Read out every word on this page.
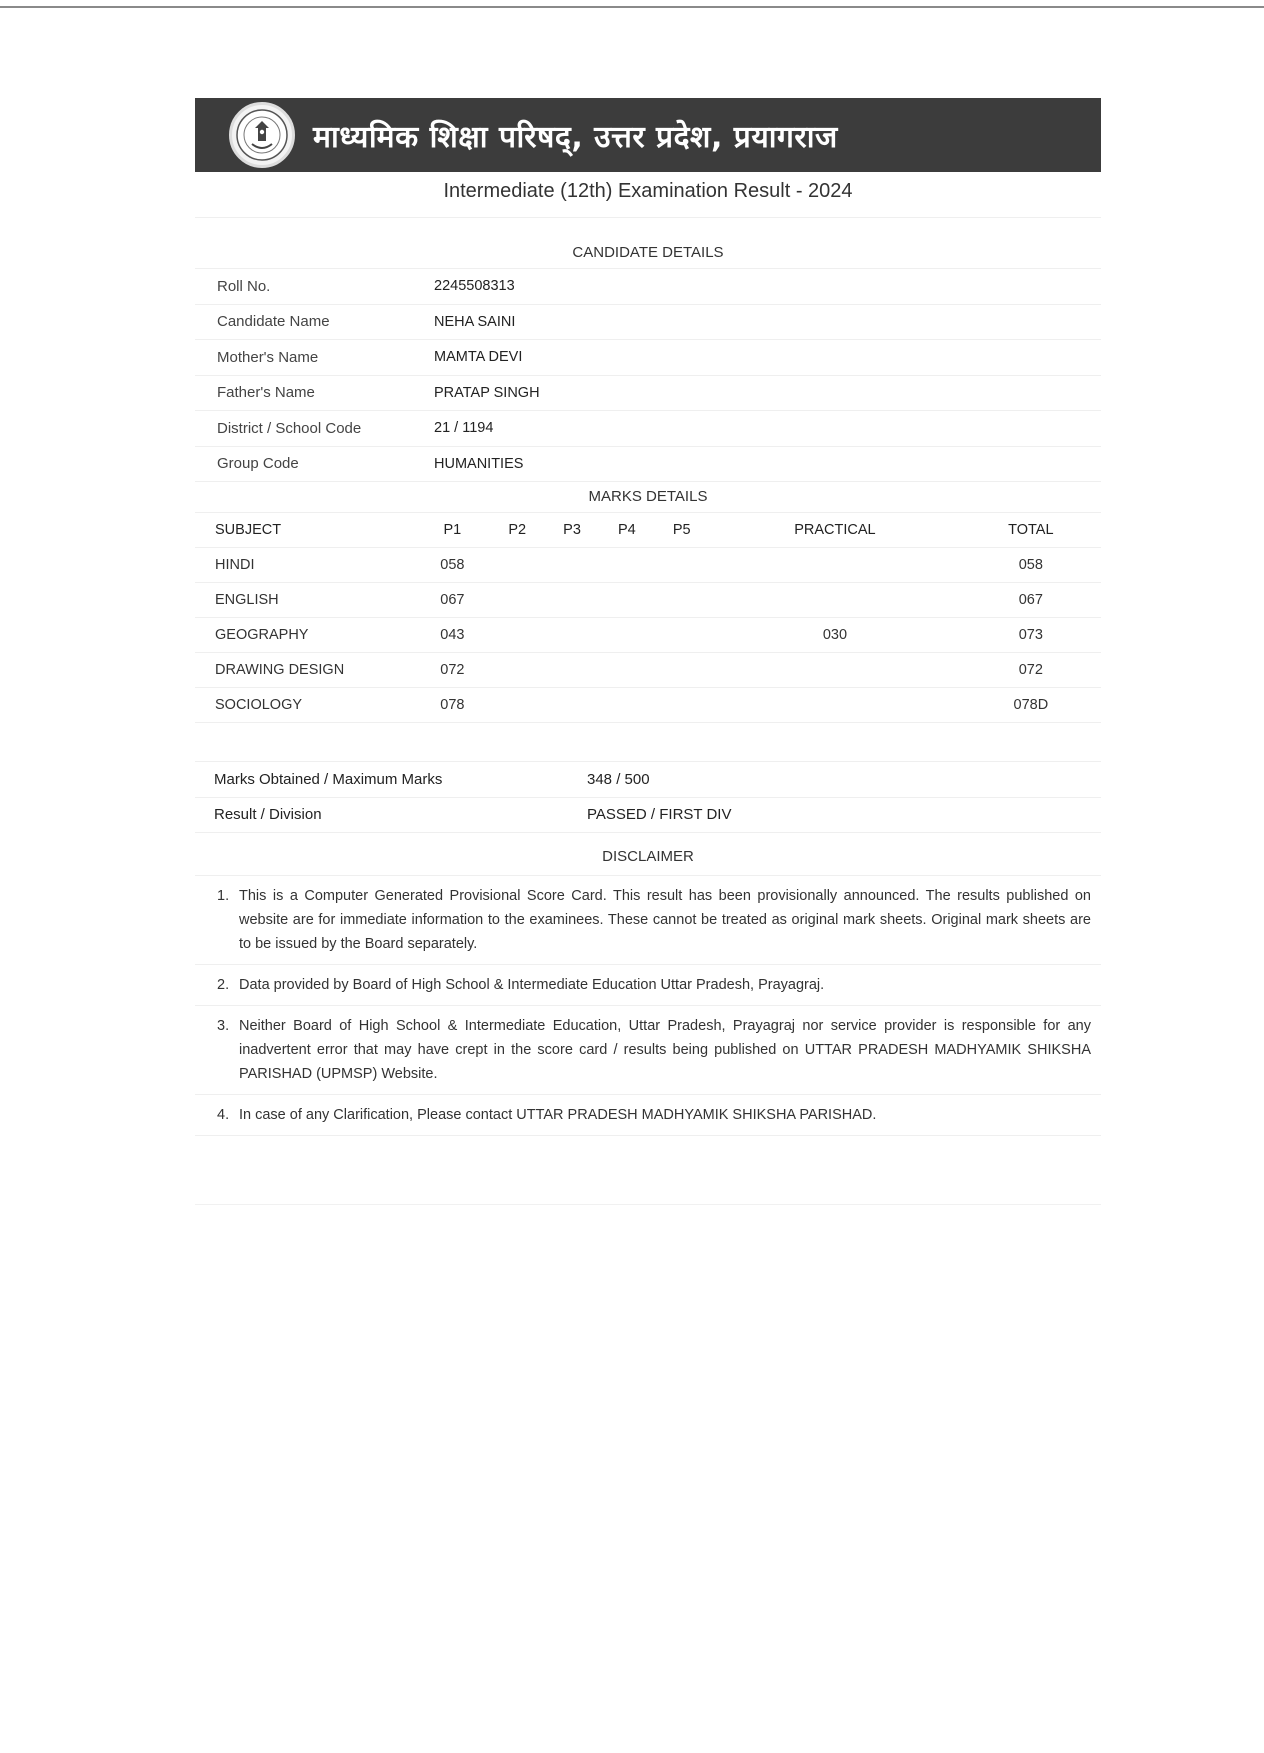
माध्यमिक शिक्षा परिषद्, उत्तर प्रदेश, प्रयागराज
Intermediate (12th) Examination Result - 2024
CANDIDATE DETAILS
Roll No.	2245508313
Candidate Name	NEHA SAINI
Mother's Name	MAMTA DEVI
Father's Name	PRATAP SINGH
District / School Code	21 / 1194
Group Code	HUMANITIES
MARKS DETAILS
SUBJECT	P1	P2	P3	P4	P5	PRACTICAL	TOTAL
HINDI	058						058
ENGLISH	067						067
GEOGRAPHY	043					030	073
DRAWING DESIGN	072						072
SOCIOLOGY	078						078D
Marks Obtained / Maximum Marks	348 / 500
Result / Division	PASSED / FIRST DIV
DISCLAIMER
1. This is a Computer Generated Provisional Score Card. This result has been provisionally announced. The results published on website are for immediate information to the examinees. These cannot be treated as original mark sheets. Original mark sheets are to be issued by the Board separately.
2. Data provided by Board of High School & Intermediate Education Uttar Pradesh, Prayagraj.
3. Neither Board of High School & Intermediate Education, Uttar Pradesh, Prayagraj nor service provider is responsible for any inadvertent error that may have crept in the score card / results being published on UTTAR PRADESH MADHYAMIK SHIKSHA PARISHAD (UPMSP) Website.
4. In case of any Clarification, Please contact UTTAR PRADESH MADHYAMIK SHIKSHA PARISHAD.
